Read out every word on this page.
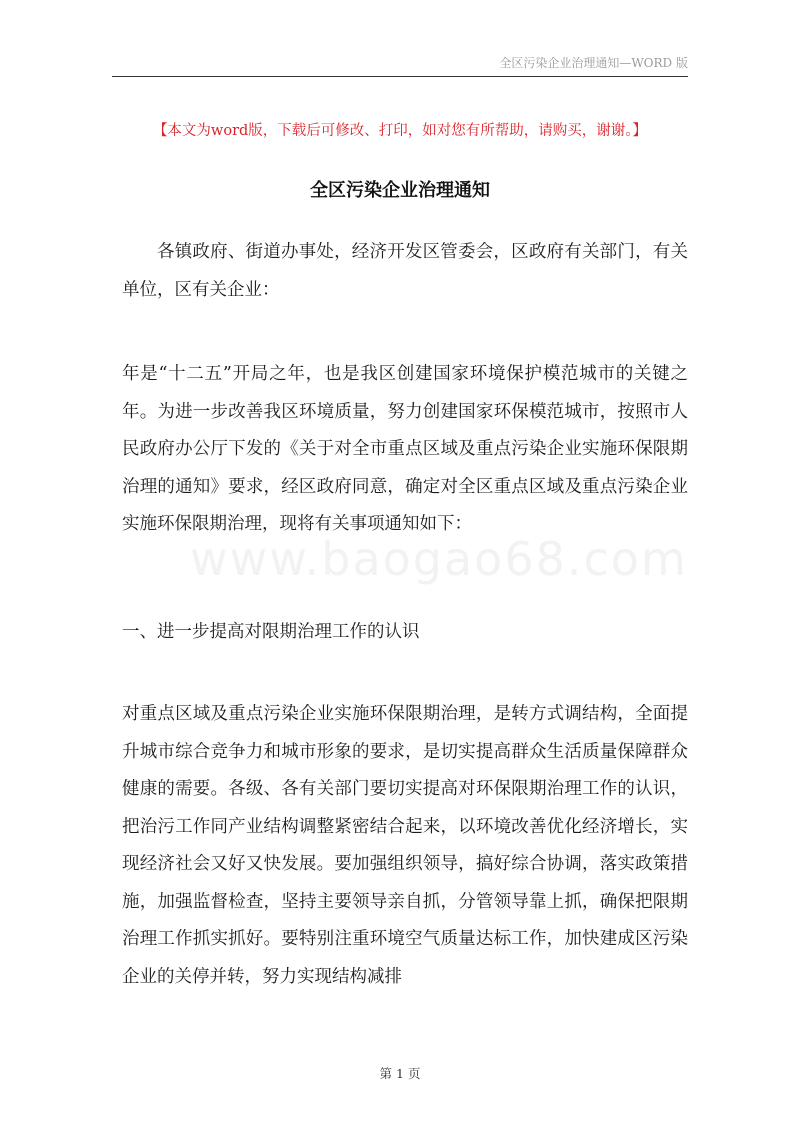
全区污染企业治理通知—WORD 版
www.baogao68.com
【本文为word版，下载后可修改、打印，如对您有所帮助，请购买，谢谢。】
全区污染企业治理通知
各镇政府、街道办事处，经济开发区管委会，区政府有关部门，有关单位，区有关企业：
年是“十二五”开局之年，也是我区创建国家环境保护模范城市的关键之年。为进一步改善我区环境质量，努力创建国家环保模范城市，按照市人民政府办公厅下发的《关于对全市重点区域及重点污染企业实施环保限期治理的通知》要求，经区政府同意，确定对全区重点区域及重点污染企业实施环保限期治理，现将有关事项通知如下：
一、进一步提高对限期治理工作的认识
对重点区域及重点污染企业实施环保限期治理，是转方式调结构，全面提升城市综合竞争力和城市形象的要求，是切实提高群众生活质量保障群众健康的需要。各级、各有关部门要切实提高对环保限期治理工作的认识，把治污工作同产业结构调整紧密结合起来，以环境改善优化经济增长，实现经济社会又好又快发展。要加强组织领导，搞好综合协调，落实政策措施，加强监督检查，坚持主要领导亲自抓，分管领导靠上抓，确保把限期治理工作抓实抓好。要特别注重环境空气质量达标工作，加快建成区污染企业的关停并转，努力实现结构减排
第 1 页
